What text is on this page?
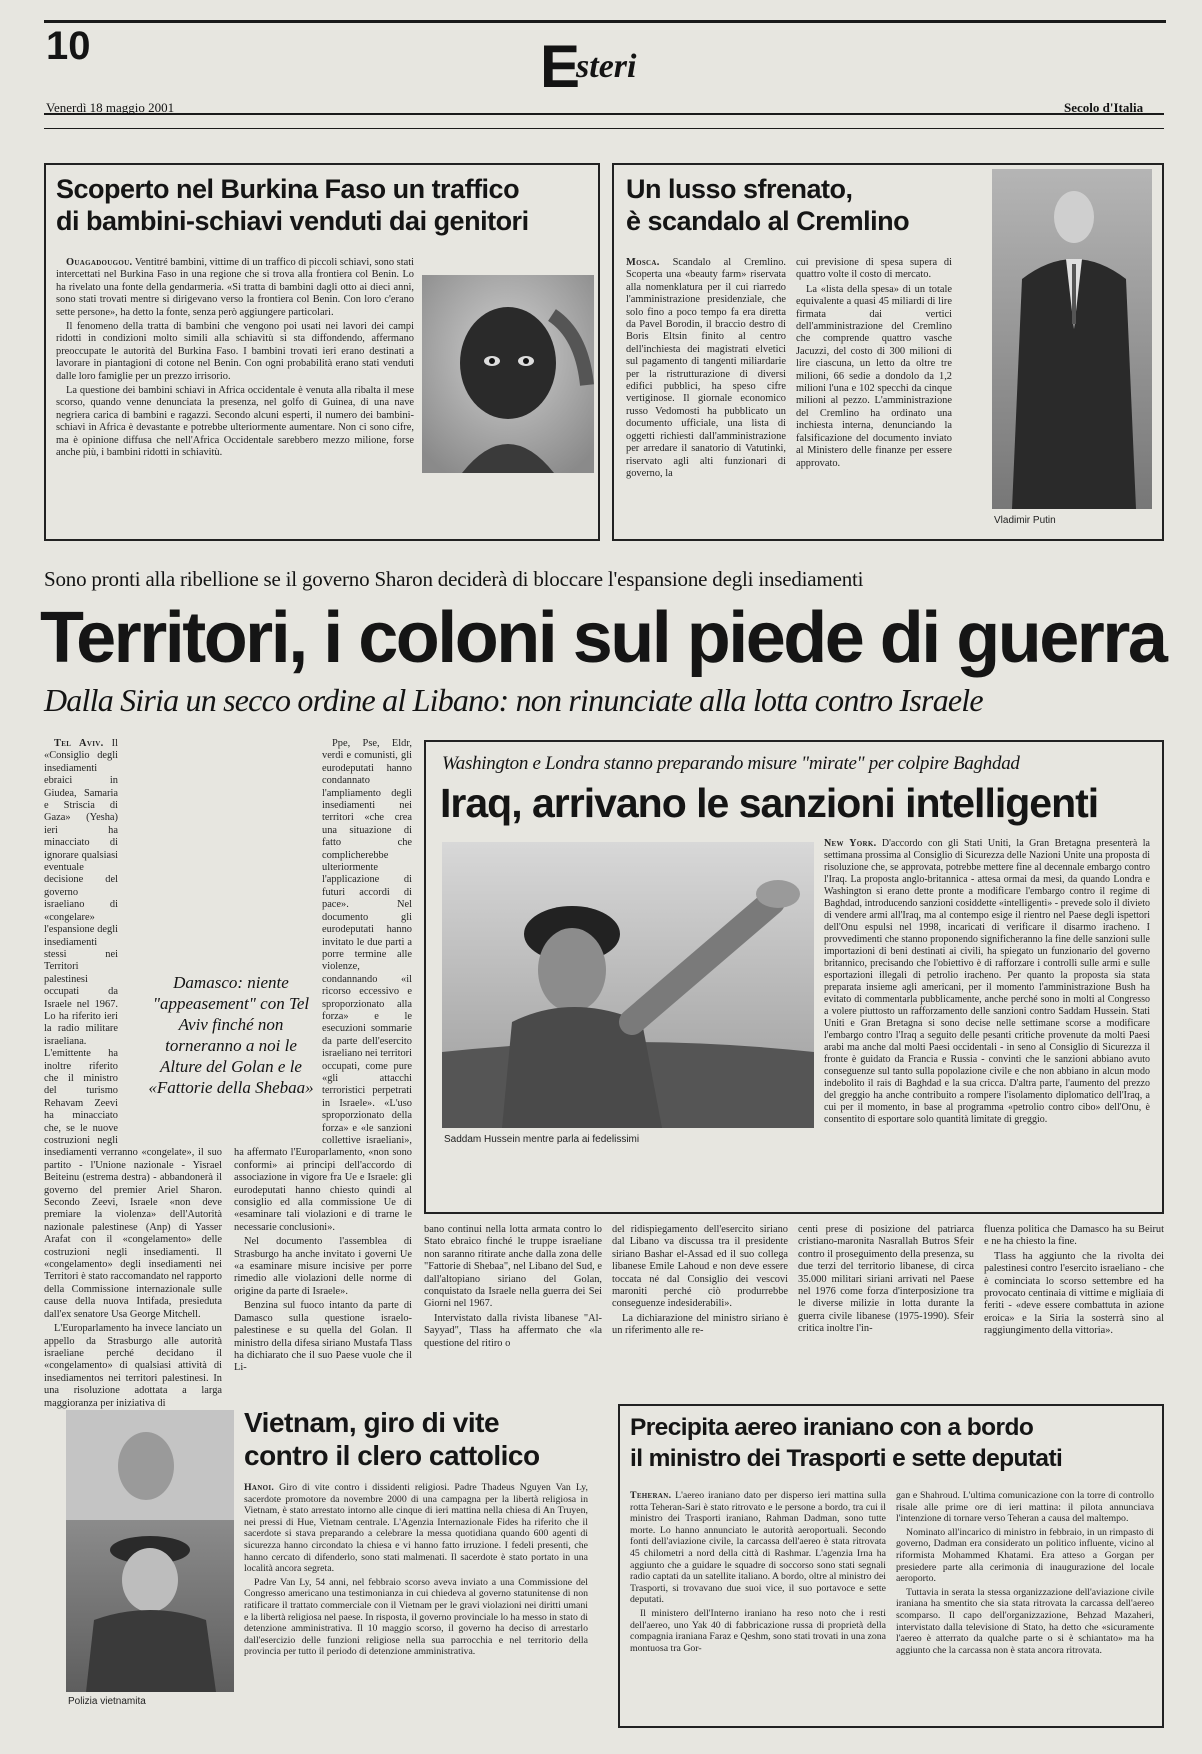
10	Esteri
Venerdì 18 maggio 2001	Secolo d'Italia
Scoperto nel Burkina Faso un traffico
di bambini-schiavi venduti dai genitori

Ouagadougou. Ventitré bambini, vittime di un traffico di piccoli schiavi, sono stati intercettati nel Burkina Faso in una regione che si trova alla frontiera col Benin. Lo ha rivelato una fonte della gendarmeria. «Si tratta di bambini dagli otto ai dieci anni, sono stati trovati mentre si dirigevano verso la frontiera col Benin. Con loro c'erano sette persone», ha detto la fonte, senza però aggiungere particolari.

Il fenomeno della tratta di bambini che vengono poi usati nei lavori dei campi ridotti in condizioni molto simili alla schiavitù si sta diffondendo, affermano preoccupate le autorità del Burkina Faso. I bambini trovati ieri erano destinati a lavorare in piantagioni di cotone nel Benin. Con ogni probabilità erano stati venduti dalle loro famiglie per un prezzo irrisorio.

La questione dei bambini schiavi in Africa occidentale è venuta alla ribalta il mese scorso, quando venne denunciata la presenza, nel golfo di Guinea, di una nave negriera carica di bambini e ragazzi. Secondo alcuni esperti, il numero dei bambini-schiavi in Africa è devastante e potrebbe ulteriormente aumentare. Non ci sono cifre, ma è opinione diffusa che nell'Africa Occidentale sarebbero mezzo milione, forse anche più, i bambini ridotti in schiavitù.

Un lusso sfrenato,
è scandalo al Cremlino

Mosca. Scandalo al Cremlino. Scoperta una «beauty farm» riservata alla nomenklatura per il cui riarredo l'amministrazione presidenziale, che solo fino a poco tempo fa era diretta da Pavel Borodin, il braccio destro di Boris Eltsin finito al centro dell'inchiesta dei magistrati elvetici sul pagamento di tangenti miliardarie per la ristrutturazione di diversi edifici pubblici, ha speso cifre vertiginose. Il giornale economico russo Vedomosti ha pubblicato un documento ufficiale, una lista di oggetti richiesti dall'amministrazione per arredare il sanatorio di Vatutinki, riservato agli alti funzionari di governo, la

cui previsione di spesa supera di quattro volte il costo di mercato.

La «lista della spesa» di un totale equivalente a quasi 45 miliardi di lire firmata dai vertici dell'amministrazione del Cremlino che comprende quattro vasche Jacuzzi, del costo di 300 milioni di lire ciascuna, un letto da oltre tre milioni, 66 sedie a dondolo da 1,2 milioni l'una e 102 specchi da cinque milioni al pezzo. L'amministrazione del Cremlino ha ordinato una inchiesta interna, denunciando la falsificazione del documento inviato al Ministero delle finanze per essere approvato.

Vladimir Putin
Sono pronti alla ribellione se il governo Sharon deciderà di bloccare l'espansione degli insediamenti
Territori, i coloni sul piede di guerra
Dalla Siria un secco ordine al Libano: non rinunciate alla lotta contro Israele

Tel Aviv. Il «Consiglio degli insediamenti ebraici in Giudea, Samaria e Striscia di Gaza» (Yesha) ieri ha minacciato di ignorare qualsiasi eventuale decisione del governo israeliano di «congelare» l'espansione degli insediamenti stessi nei Territori palestinesi occupati da Israele nel 1967. Lo ha riferito ieri la radio militare israeliana. L'emittente ha inoltre riferito che il ministro del turismo Rehavam Zeevi ha minacciato che, se le nuove costruzioni negli insediamenti verranno «congelate», il suo partito - l'Unione nazionale - Yisrael Beiteinu (estrema destra) - abbandonerà il governo del premier Ariel Sharon. Secondo Zeevi, Israele «non deve premiare la violenza» dell'Autorità nazionale palestinese (Anp) di Yasser Arafat con il «congelamento» delle costruzioni negli insediamenti. Il «congelamento» degli insediamenti nei Territori è stato raccomandato nel rapporto della Commissione internazionale sulle cause della nuova Intifada, presieduta dall'ex senatore Usa George Mitchell.

L'Europarlamento ha invece lanciato un appello da Strasburgo alle autorità israeliane perché decidano il «congelamento» di qualsiasi attività di insediamentos nei territori palestinesi. In una risoluzione adottata a larga maggioranza per iniziativa di

Ppe, Pse, Eldr, verdi e comunisti, gli eurodeputati hanno condannato l'ampliamento degli insediamenti nei territori «che crea una situazione di fatto che complicherebbe ulteriormente l'applicazione di futuri accordi di pace». Nel documento gli eurodeputati hanno invitato le due parti a porre termine alle violenze, condannando «il ricorso eccessivo e sproporzionato alla forza» e le esecuzioni sommarie da parte dell'esercito israeliano nei territori occupati, come pure «gli attacchi terroristici perpetrati in Israele». «L'uso sproporzionato della forza» e «le sanzioni collettive israeliani», ha affermato l'Europarlamento, «non sono conformi» ai principi dell'accordo di associazione in vigore fra Ue e Israele: gli eurodeputati hanno chiesto quindi al consiglio ed alla commissione Ue di «esaminare tali violazioni e di trarne le necessarie conclusioni».

Nel documento l'assemblea di Strasburgo ha anche invitato i governi Ue «a esaminare misure incisive per porre rimedio alle violazioni delle norme di origine da parte di Israele».

Benzina sul fuoco intanto da parte di Damasco sulla questione israelo-palestinese e su quella del Golan. Il ministro della difesa siriano Mustafa Tlass ha dichiarato che il suo Paese vuole che il Li-

Damasco: niente "appeasement" con Tel Aviv finché non torneranno a noi le Alture del Golan e le «Fattorie della Shebaa»
Washington e Londra stanno preparando misure "mirate" per colpire Baghdad
Iraq, arrivano le sanzioni intelligenti
Saddam Hussein mentre parla ai fedelissimi

New York. D'accordo con gli Stati Uniti, la Gran Bretagna presenterà la settimana prossima al Consiglio di Sicurezza delle Nazioni Unite una proposta di risoluzione che, se approvata, potrebbe mettere fine al decennale embargo contro l'Iraq. La proposta anglo-britannica - attesa ormai da mesi, da quando Londra e Washington si erano dette pronte a modificare l'embargo contro il regime di Baghdad, introducendo sanzioni cosiddette «intelligenti» - prevede solo il divieto di vendere armi all'Iraq, ma al contempo esige il rientro nel Paese degli ispettori dell'Onu espulsi nel 1998, incaricati di verificare il disarmo iracheno. I provvedimenti che stanno proponendo significheranno la fine delle sanzioni sulle importazioni di beni destinati ai civili, ha spiegato un funzionario del governo britannico, precisando che l'obiettivo è di rafforzare i controlli sulle armi e sulle esportazioni illegali di petrolio iracheno. Per quanto la proposta sia stata preparata insieme agli americani, per il momento l'amministrazione Bush ha evitato di commentarla pubblicamente, anche perché sono in molti al Congresso a volere piuttosto un rafforzamento delle sanzioni contro Saddam Hussein. Stati Uniti e Gran Bretagna si sono decise nelle settimane scorse a modificare l'embargo contro l'Iraq a seguito delle pesanti critiche provenute da molti Paesi arabi ma anche dal molti Paesi occidentali - in seno al Consiglio di Sicurezza il fronte è guidato da Francia e Russia - convinti che le sanzioni abbiano avuto conseguenze sul tanto sulla popolazione civile e che non abbiano in alcun modo indebolito il rais di Baghdad e la sua cricca. D'altra parte, l'aumento del prezzo del greggio ha anche contribuito a rompere l'isolamento diplomatico dell'Iraq, a cui per il momento, in base al programma «petrolio contro cibo» dell'Onu, è consentito di esportare solo quantità limitate di greggio.

bano continui nella lotta armata contro lo Stato ebraico finché le truppe israeliane non saranno ritirate anche dalla zona delle "Fattorie di Shebaa", nel Libano del Sud, e dall'altopiano siriano del Golan, conquistato da Israele nella guerra dei Sei Giorni nel 1967.

Intervistato dalla rivista libanese "Al-Sayyad", Tlass ha affermato che «la questione del ritiro o

del ridispiegamento dell'esercito siriano dal Libano va discussa tra il presidente siriano Bashar el-Assad ed il suo collega libanese Emile Lahoud e non deve essere toccata né dal Consiglio dei vescovi maroniti perché ciò produrrebbe conseguenze indesiderabili».

La dichiarazione del ministro siriano è un riferimento alle re-

centi prese di posizione del patriarca cristiano-maronita Nasrallah Butros Sfeir contro il proseguimento della presenza, su due terzi del territorio libanese, di circa 35.000 militari siriani arrivati nel Paese nel 1976 come forza d'interposizione tra le diverse milizie in lotta durante la guerra civile libanese (1975-1990). Sfeir critica inoltre l'in-

fluenza politica che Damasco ha su Beirut e ne ha chiesto la fine.

Tlass ha aggiunto che la rivolta dei palestinesi contro l'esercito israeliano - che è cominciata lo scorso settembre ed ha provocato centinaia di vittime e migliaia di feriti - «deve essere combattuta in azione eroica» e la Siria la sosterrà sino al raggiungimento della vittoria».

Polizia vietnamita
Vietnam, giro di vite
contro il clero cattolico

Hanoi. Giro di vite contro i dissidenti religiosi. Padre Thadeus Nguyen Van Ly, sacerdote promotore da novembre 2000 di una campagna per la libertà religiosa in Vietnam, è stato arrestato intorno alle cinque di ieri mattina nella chiesa di An Truyen, nei pressi di Hue, Vietnam centrale. L'Agenzia Internazionale Fides ha riferito che il sacerdote si stava preparando a celebrare la messa quotidiana quando 600 agenti di sicurezza hanno circondato la chiesa e vi hanno fatto irruzione. I fedeli presenti, che hanno cercato di difenderlo, sono stati malmenati. Il sacerdote è stato portato in una località ancora segreta.

Padre Van Ly, 54 anni, nel febbraio scorso aveva inviato a una Commissione del Congresso americano una testimonianza in cui chiedeva al governo statunitense di non ratificare il trattato commerciale con il Vietnam per le gravi violazioni nei diritti umani e la libertà religiosa nel paese. In risposta, il governo provinciale lo ha messo in stato di detenzione amministrativa. Il 10 maggio scorso, il governo ha deciso di arrestarlo dall'esercizio delle funzioni religiose nella sua parrocchia e nel territorio della provincia per tutto il periodo di detenzione amministrativa.

Precipita aereo iraniano con a bordo
il ministro dei Trasporti e sette deputati

Teheran. L'aereo iraniano dato per disperso ieri mattina sulla rotta Teheran-Sari è stato ritrovato e le persone a bordo, tra cui il ministro dei Trasporti iraniano, Rahman Dadman, sono tutte morte. Lo hanno annunciato le autorità aeroportuali. Secondo fonti dell'aviazione civile, la carcassa dell'aereo è stata ritrovata 45 chilometri a nord della città di Rashmar. L'agenzia Irna ha aggiunto che a guidare le squadre di soccorso sono stati segnali radio captati da un satellite italiano. A bordo, oltre al ministro dei Trasporti, si trovavano due suoi vice, il suo portavoce e sette deputati.

Il ministero dell'Interno iraniano ha reso noto che i resti dell'aereo, uno Yak 40 di fabbricazione russa di proprietà della compagnia iraniana Faraz e Qeshm, sono stati trovati in una zona montuosa tra Gor-

gan e Shahroud. L'ultima comunicazione con la torre di controllo risale alle prime ore di ieri mattina: il pilota annunciava l'intenzione di tornare verso Teheran a causa del maltempo.

Nominato all'incarico di ministro in febbraio, in un rimpasto di governo, Dadman era considerato un politico influente, vicino al riformista Mohammed Khatami. Era atteso a Gorgan per presiedere parte alla cerimonia di inaugurazione del locale aeroporto.

Tuttavia in serata la stessa organizzazione dell'aviazione civile iraniana ha smentito che sia stata ritrovata la carcassa dell'aereo scomparso. Il capo dell'organizzazione, Behzad Mazaheri, intervistato dalla televisione di Stato, ha detto che «sicuramente l'aereo è atterrato da qualche parte o si è schiantato» ma ha aggiunto che la carcassa non è stata ancora ritrovata.
